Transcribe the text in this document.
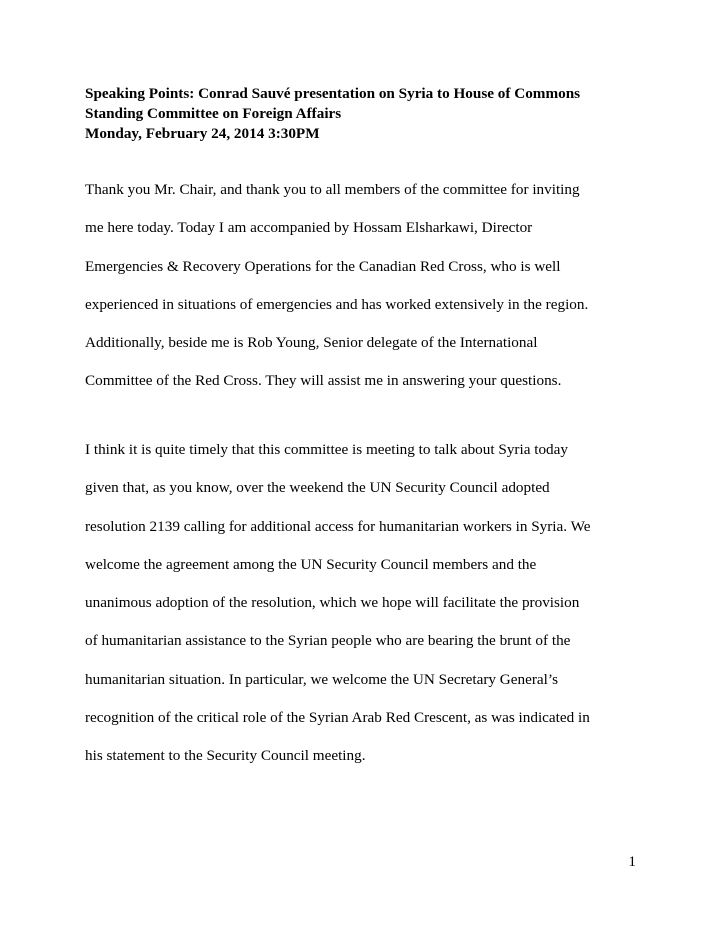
Speaking Points: Conrad Sauvé presentation on Syria to House of Commons
Standing Committee on Foreign Affairs
Monday, February 24, 2014 3:30PM
Thank you Mr. Chair, and thank you to all members of the committee for inviting
me here today. Today I am accompanied by Hossam Elsharkawi, Director
Emergencies & Recovery Operations for the Canadian Red Cross, who is well
experienced in situations of emergencies and has worked extensively in the region.
Additionally, beside me is Rob Young, Senior delegate of the International
Committee of the Red Cross. They will assist me in answering your questions.
I think it is quite timely that this committee is meeting to talk about Syria today
given that, as you know, over the weekend the UN Security Council adopted
resolution 2139 calling for additional access for humanitarian workers in Syria. We
welcome the agreement among the UN Security Council members and the
unanimous adoption of the resolution, which we hope will facilitate the provision
of humanitarian assistance to the Syrian people who are bearing the brunt of the
humanitarian situation. In particular, we welcome the UN Secretary General’s
recognition of the critical role of the Syrian Arab Red Crescent, as was indicated in
his statement to the Security Council meeting.
1
